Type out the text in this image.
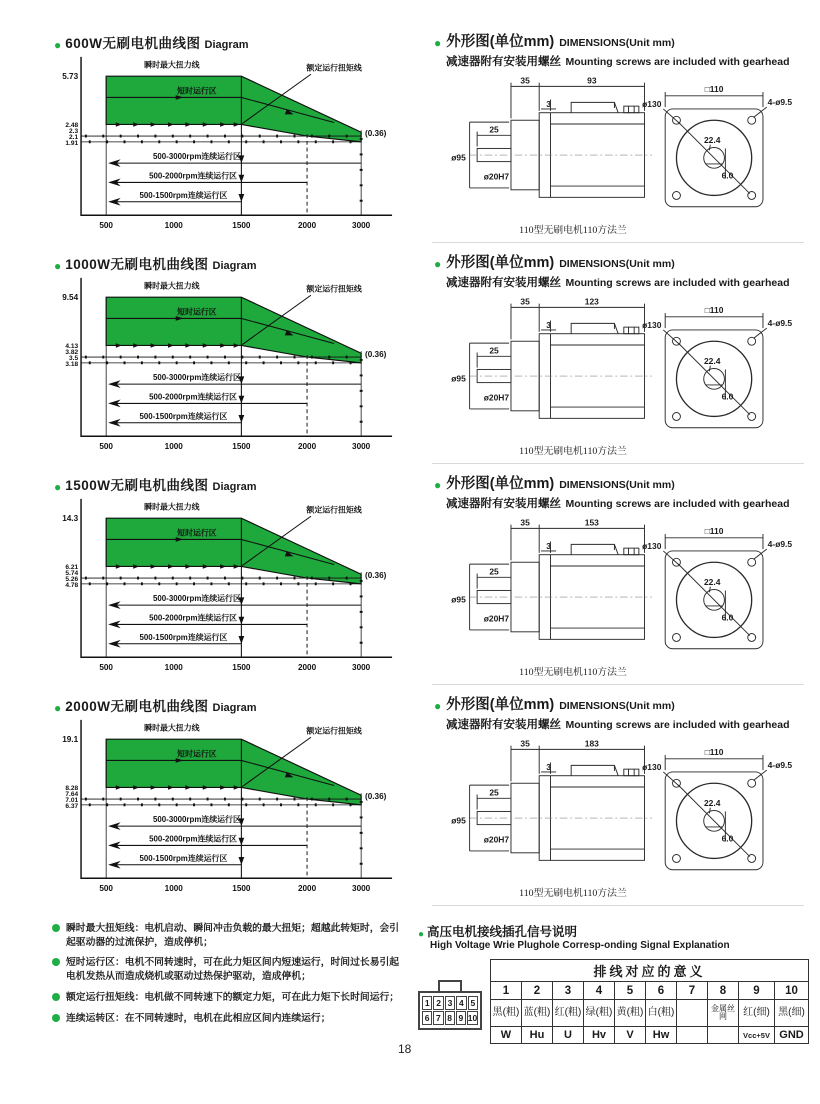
● 600W无刷电机曲线图 Diagram
5.73
2.48
2.3
2.1
1.91
瞬时最大扭力线
短时运行区
额定运行扭矩线
(0.36)
500-3000rpm连续运行区
500-2000rpm连续运行区
500-1500rpm连续运行区
500	1000	1500	2000	3000
● 外形图(单位mm) DIMENSIONS(Unit mm)
减速器附有安装用螺丝 Mounting screws are included with gearhead
35	93
3
25
ø95
ø20H7
□110
ø130	4-ø9.5
22.4
6.0
110型无刷电机110方法兰
● 1000W无刷电机曲线图 Diagram
9.54
4.13
3.82
3.5
3.18
瞬时最大扭力线
短时运行区
额定运行扭矩线
(0.36)
500-3000rpm连续运行区
500-2000rpm连续运行区
500-1500rpm连续运行区
500	1000	1500	2000	3000
● 外形图(单位mm) DIMENSIONS(Unit mm)
减速器附有安装用螺丝 Mounting screws are included with gearhead
35	123
3
25
ø95
ø20H7
□110
ø130	4-ø9.5
22.4
6.0
110型无刷电机110方法兰
● 1500W无刷电机曲线图 Diagram
14.3
6.21
5.74
5.26
4.78
瞬时最大扭力线
短时运行区
额定运行扭矩线
(0.36)
500-3000rpm连续运行区
500-2000rpm连续运行区
500-1500rpm连续运行区
500	1000	1500	2000	3000
● 外形图(单位mm) DIMENSIONS(Unit mm)
减速器附有安装用螺丝 Mounting screws are included with gearhead
35	153
3
25
ø95
ø20H7
□110
ø130	4-ø9.5
22.4
6.0
110型无刷电机110方法兰
● 2000W无刷电机曲线图 Diagram
19.1
8.28
7.64
7.01
6.37
瞬时最大扭力线
短时运行区
额定运行扭矩线
(0.36)
500-3000rpm连续运行区
500-2000rpm连续运行区
500-1500rpm连续运行区
500	1000	1500	2000	3000
● 外形图(单位mm) DIMENSIONS(Unit mm)
减速器附有安装用螺丝 Mounting screws are included with gearhead
35	183
3
25
ø95
ø20H7
□110
ø130	4-ø9.5
22.4
6.0
110型无刷电机110方法兰
瞬时最大扭矩线：电机启动、瞬间冲击负载的最大扭矩；超越此转矩时，会引起驱动器的过流保护，造成停机；
短时运行区：电机不同转速时，可在此力矩区间内短速运行，时间过长易引起电机发热从而造成烧机或驱动过热保护驱动，造成停机；
额定运行扭矩线：电机做不同转速下的额定力矩，可在此力矩下长时间运行；
连续运转区：在不同转速时，电机在此相应区间内连续运行；
● 高压电机接线插孔信号说明
High Voltage Wrie Plughole Corresp-onding Signal Explanation
1 2 3 4 5
6 7 8 9 10
排线对应的意义									
1	2	3	4	5	6	7	8	9	10
黑(粗)	蓝(粗)	红(粗)	绿(粗)	黄(粗)	白(粗)		金属丝网	红(细)	黑(细)
W	Hu	U	Hv	V	Hw			Vcc+5V	GND
18
